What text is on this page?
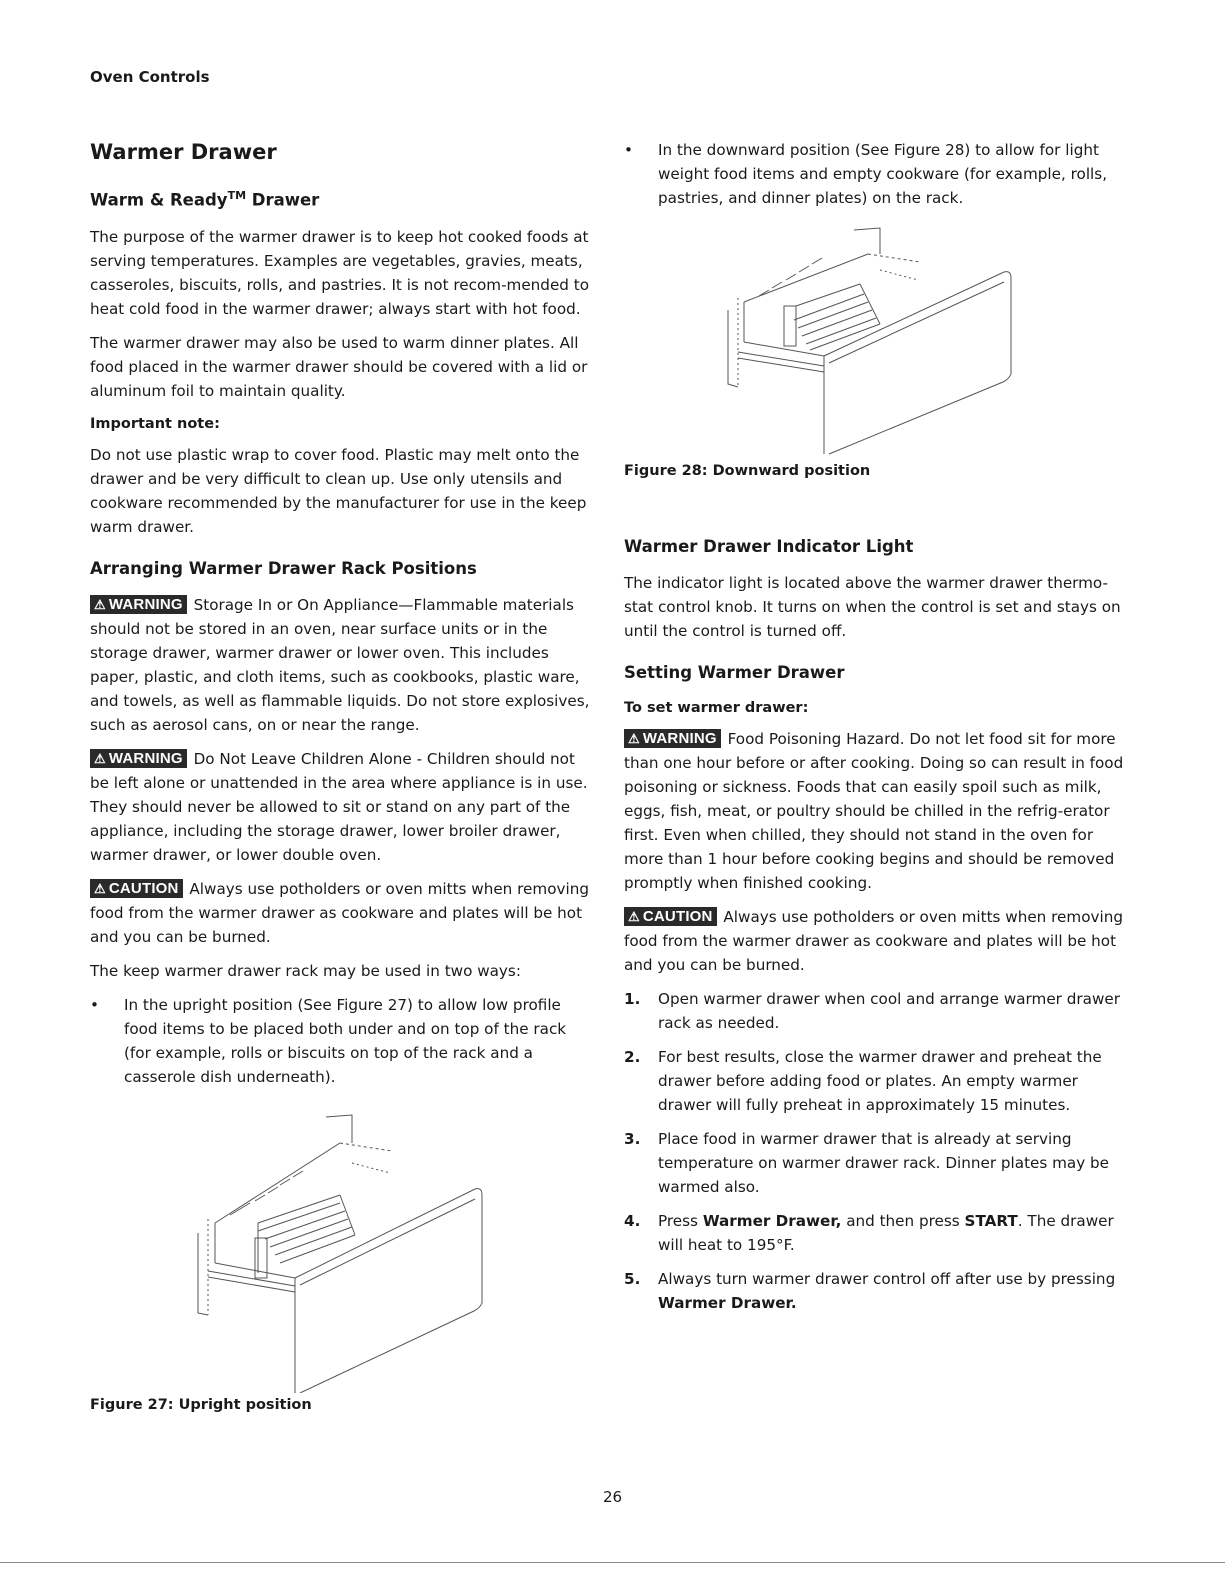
Oven Controls
Warmer Drawer
Warm & Ready™ Drawer

The purpose of the warmer drawer is to keep hot cooked foods at serving temperatures. Examples are vegetables, gravies, meats, casseroles, biscuits, rolls, and pastries. It is not recom-mended to heat cold food in the warmer drawer; always start with hot food.

The warmer drawer may also be used to warm dinner plates. All food placed in the warmer drawer should be covered with a lid or aluminum foil to maintain quality.

Important note:

Do not use plastic wrap to cover food. Plastic may melt onto the drawer and be very difficult to clean up. Use only utensils and cookware recommended by the manufacturer for use in the keep warm drawer.

Arranging Warmer Drawer Rack Positions

⚠ WARNING Storage In or On Appliance—Flammable materials should not be stored in an oven, near surface units or in the storage drawer, warmer drawer or lower oven. This includes paper, plastic, and cloth items, such as cookbooks, plastic ware, and towels, as well as flammable liquids. Do not store explosives, such as aerosol cans, on or near the range.

⚠ WARNING Do Not Leave Children Alone - Children should not be left alone or unattended in the area where appliance is in use. They should never be allowed to sit or stand on any part of the appliance, including the storage drawer, lower broiler drawer, warmer drawer, or lower double oven.

⚠ CAUTION Always use potholders or oven mitts when removing food from the warmer drawer as cookware and plates will be hot and you can be burned.

The keep warmer drawer rack may be used in two ways:

• In the upright position (See Figure 27) to allow low profile food items to be placed both under and on top of the rack (for example, rolls or biscuits on top of the rack and a casserole dish underneath).
Figure 27: Upright position
• In the downward position (See Figure 28) to allow for light weight food items and empty cookware (for example, rolls, pastries, and dinner plates) on the rack.
Figure 28: Downward position
Warmer Drawer Indicator Light

The indicator light is located above the warmer drawer thermo-stat control knob. It turns on when the control is set and stays on until the control is turned off.

Setting Warmer Drawer
To set warmer drawer:

⚠ WARNING Food Poisoning Hazard. Do not let food sit for more than one hour before or after cooking. Doing so can result in food poisoning or sickness. Foods that can easily spoil such as milk, eggs, fish, meat, or poultry should be chilled in the refrig-erator first. Even when chilled, they should not stand in the oven for more than 1 hour before cooking begins and should be removed promptly when finished cooking.

⚠ CAUTION Always use potholders or oven mitts when removing food from the warmer drawer as cookware and plates will be hot and you can be burned.

1. Open warmer drawer when cool and arrange warmer drawer rack as needed.
2. For best results, close the warmer drawer and preheat the drawer before adding food or plates. An empty warmer drawer will fully preheat in approximately 15 minutes.
3. Place food in warmer drawer that is already at serving temperature on warmer drawer rack. Dinner plates may be warmed also.
4. Press Warmer Drawer, and then press START. The drawer will heat to 195°F.
5. Always turn warmer drawer control off after use by pressing Warmer Drawer.
26
